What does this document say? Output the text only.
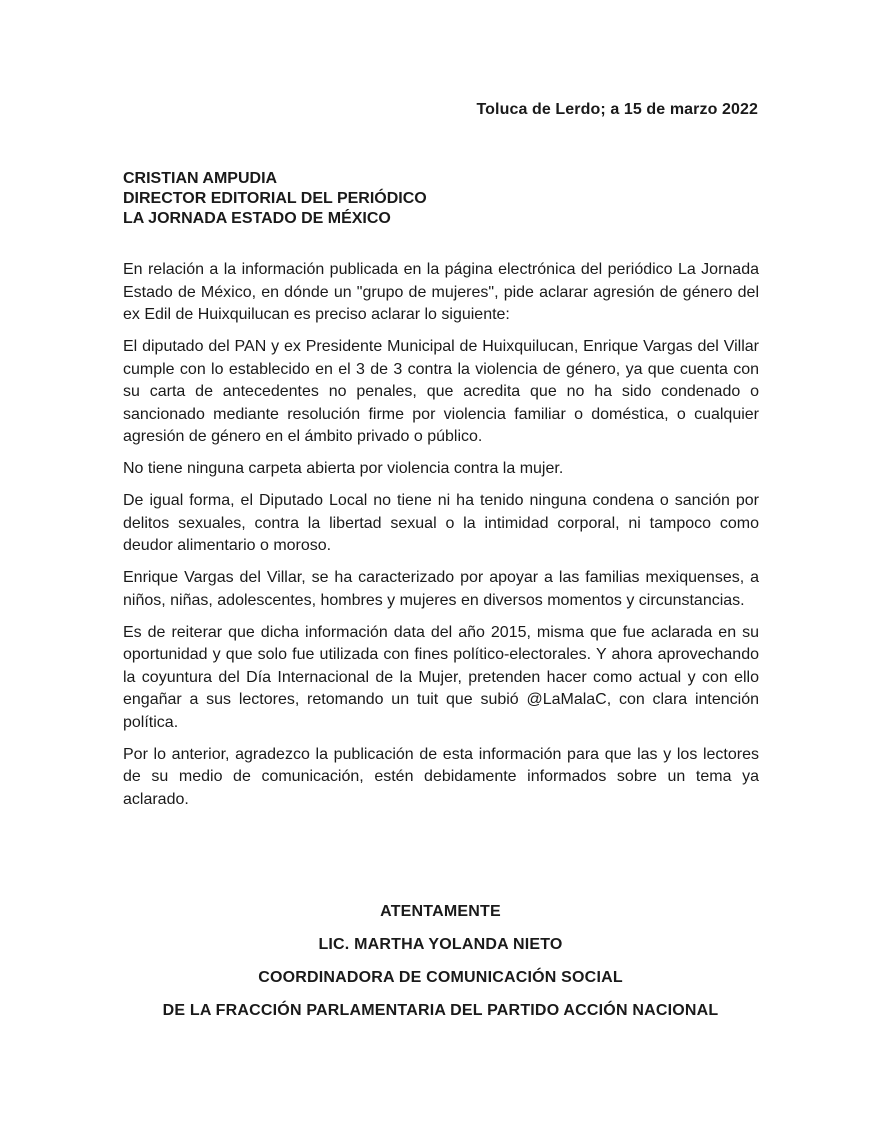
Toluca de Lerdo; a 15 de marzo 2022
CRISTIAN AMPUDIA
DIRECTOR EDITORIAL DEL PERIÓDICO
LA JORNADA ESTADO DE MÉXICO

En relación a la información publicada en la página electrónica del periódico La Jornada Estado de México, en dónde un "grupo de mujeres", pide aclarar agresión de género del ex Edil de Huixquilucan es preciso aclarar lo siguiente:

El diputado del PAN y ex Presidente Municipal de Huixquilucan, Enrique Vargas del Villar cumple con lo establecido en el 3 de 3 contra la violencia de género, ya que cuenta con su carta de antecedentes no penales, que acredita que no ha sido condenado o sancionado mediante resolución firme por violencia familiar o doméstica, o cualquier agresión de género en el ámbito privado o público.

No tiene ninguna carpeta abierta por violencia contra la mujer.

De igual forma, el Diputado Local no tiene ni ha tenido ninguna condena o sanción por delitos sexuales, contra la libertad sexual o la intimidad corporal, ni tampoco como deudor alimentario o moroso.

Enrique Vargas del Villar, se ha caracterizado por apoyar a las familias mexiquenses, a niños, niñas, adolescentes, hombres y mujeres en diversos momentos y circunstancias.

Es de reiterar que dicha información data del año 2015, misma que fue aclarada en su oportunidad y que solo fue utilizada con fines político-electorales. Y ahora aprovechando la coyuntura del Día Internacional de la Mujer, pretenden hacer como actual y con ello engañar a sus lectores, retomando un tuit que subió @LaMalaC, con clara intención política.

Por lo anterior, agradezco la publicación de esta información para que las y los lectores de su medio de comunicación, estén debidamente informados sobre un tema ya aclarado.

ATENTAMENTE
LIC. MARTHA YOLANDA NIETO
COORDINADORA DE COMUNICACIÓN SOCIAL
DE LA FRACCIÓN PARLAMENTARIA DEL PARTIDO ACCIÓN NACIONAL
